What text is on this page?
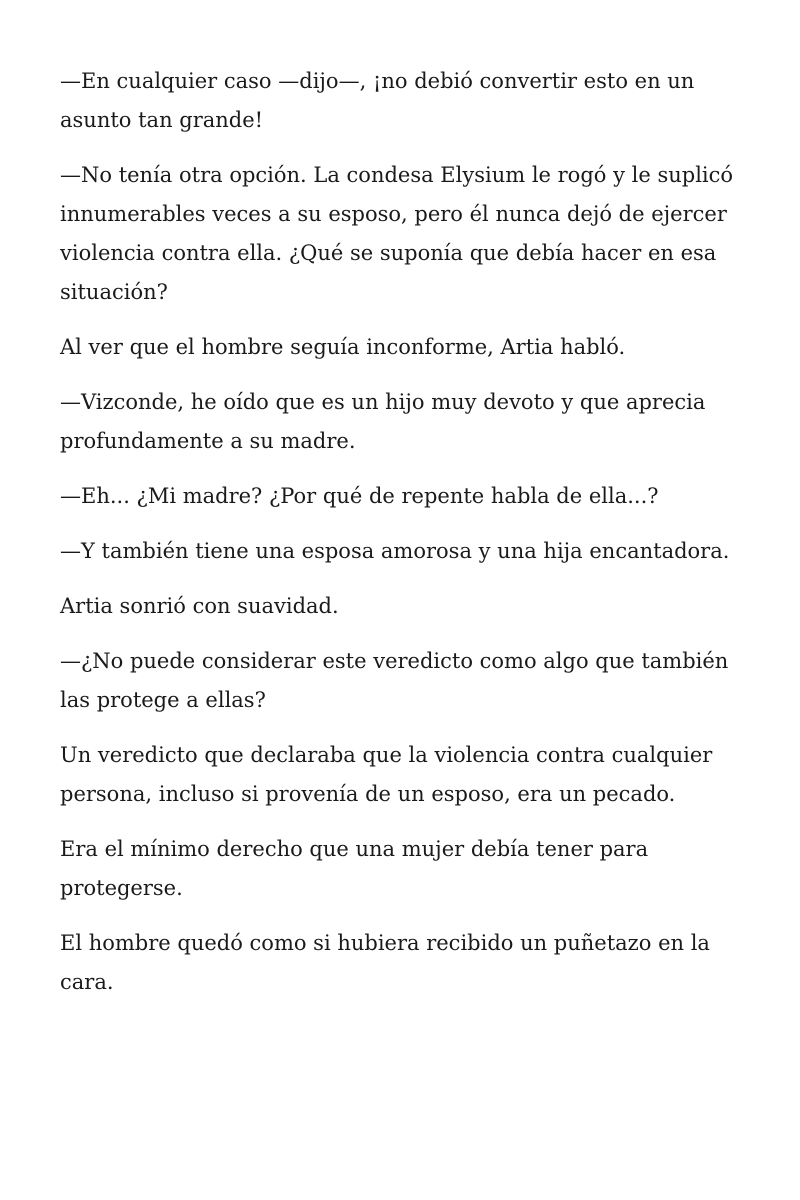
—En cualquier caso —dijo—, ¡no debió convertir esto en un asunto tan grande!

—No tenía otra opción. La condesa Elysium le rogó y le suplicó innumerables veces a su esposo, pero él nunca dejó de ejercer violencia contra ella. ¿Qué se suponía que debía hacer en esa situación?

Al ver que el hombre seguía inconforme, Artia habló.

—Vizconde, he oído que es un hijo muy devoto y que aprecia profundamente a su madre.

—Eh... ¿Mi madre? ¿Por qué de repente habla de ella...?

—Y también tiene una esposa amorosa y una hija encantadora.

Artia sonrió con suavidad.

—¿No puede considerar este veredicto como algo que también las protege a ellas?

Un veredicto que declaraba que la violencia contra cualquier persona, incluso si provenía de un esposo, era un pecado.

Era el mínimo derecho que una mujer debía tener para protegerse.

El hombre quedó como si hubiera recibido un puñetazo en la cara.
